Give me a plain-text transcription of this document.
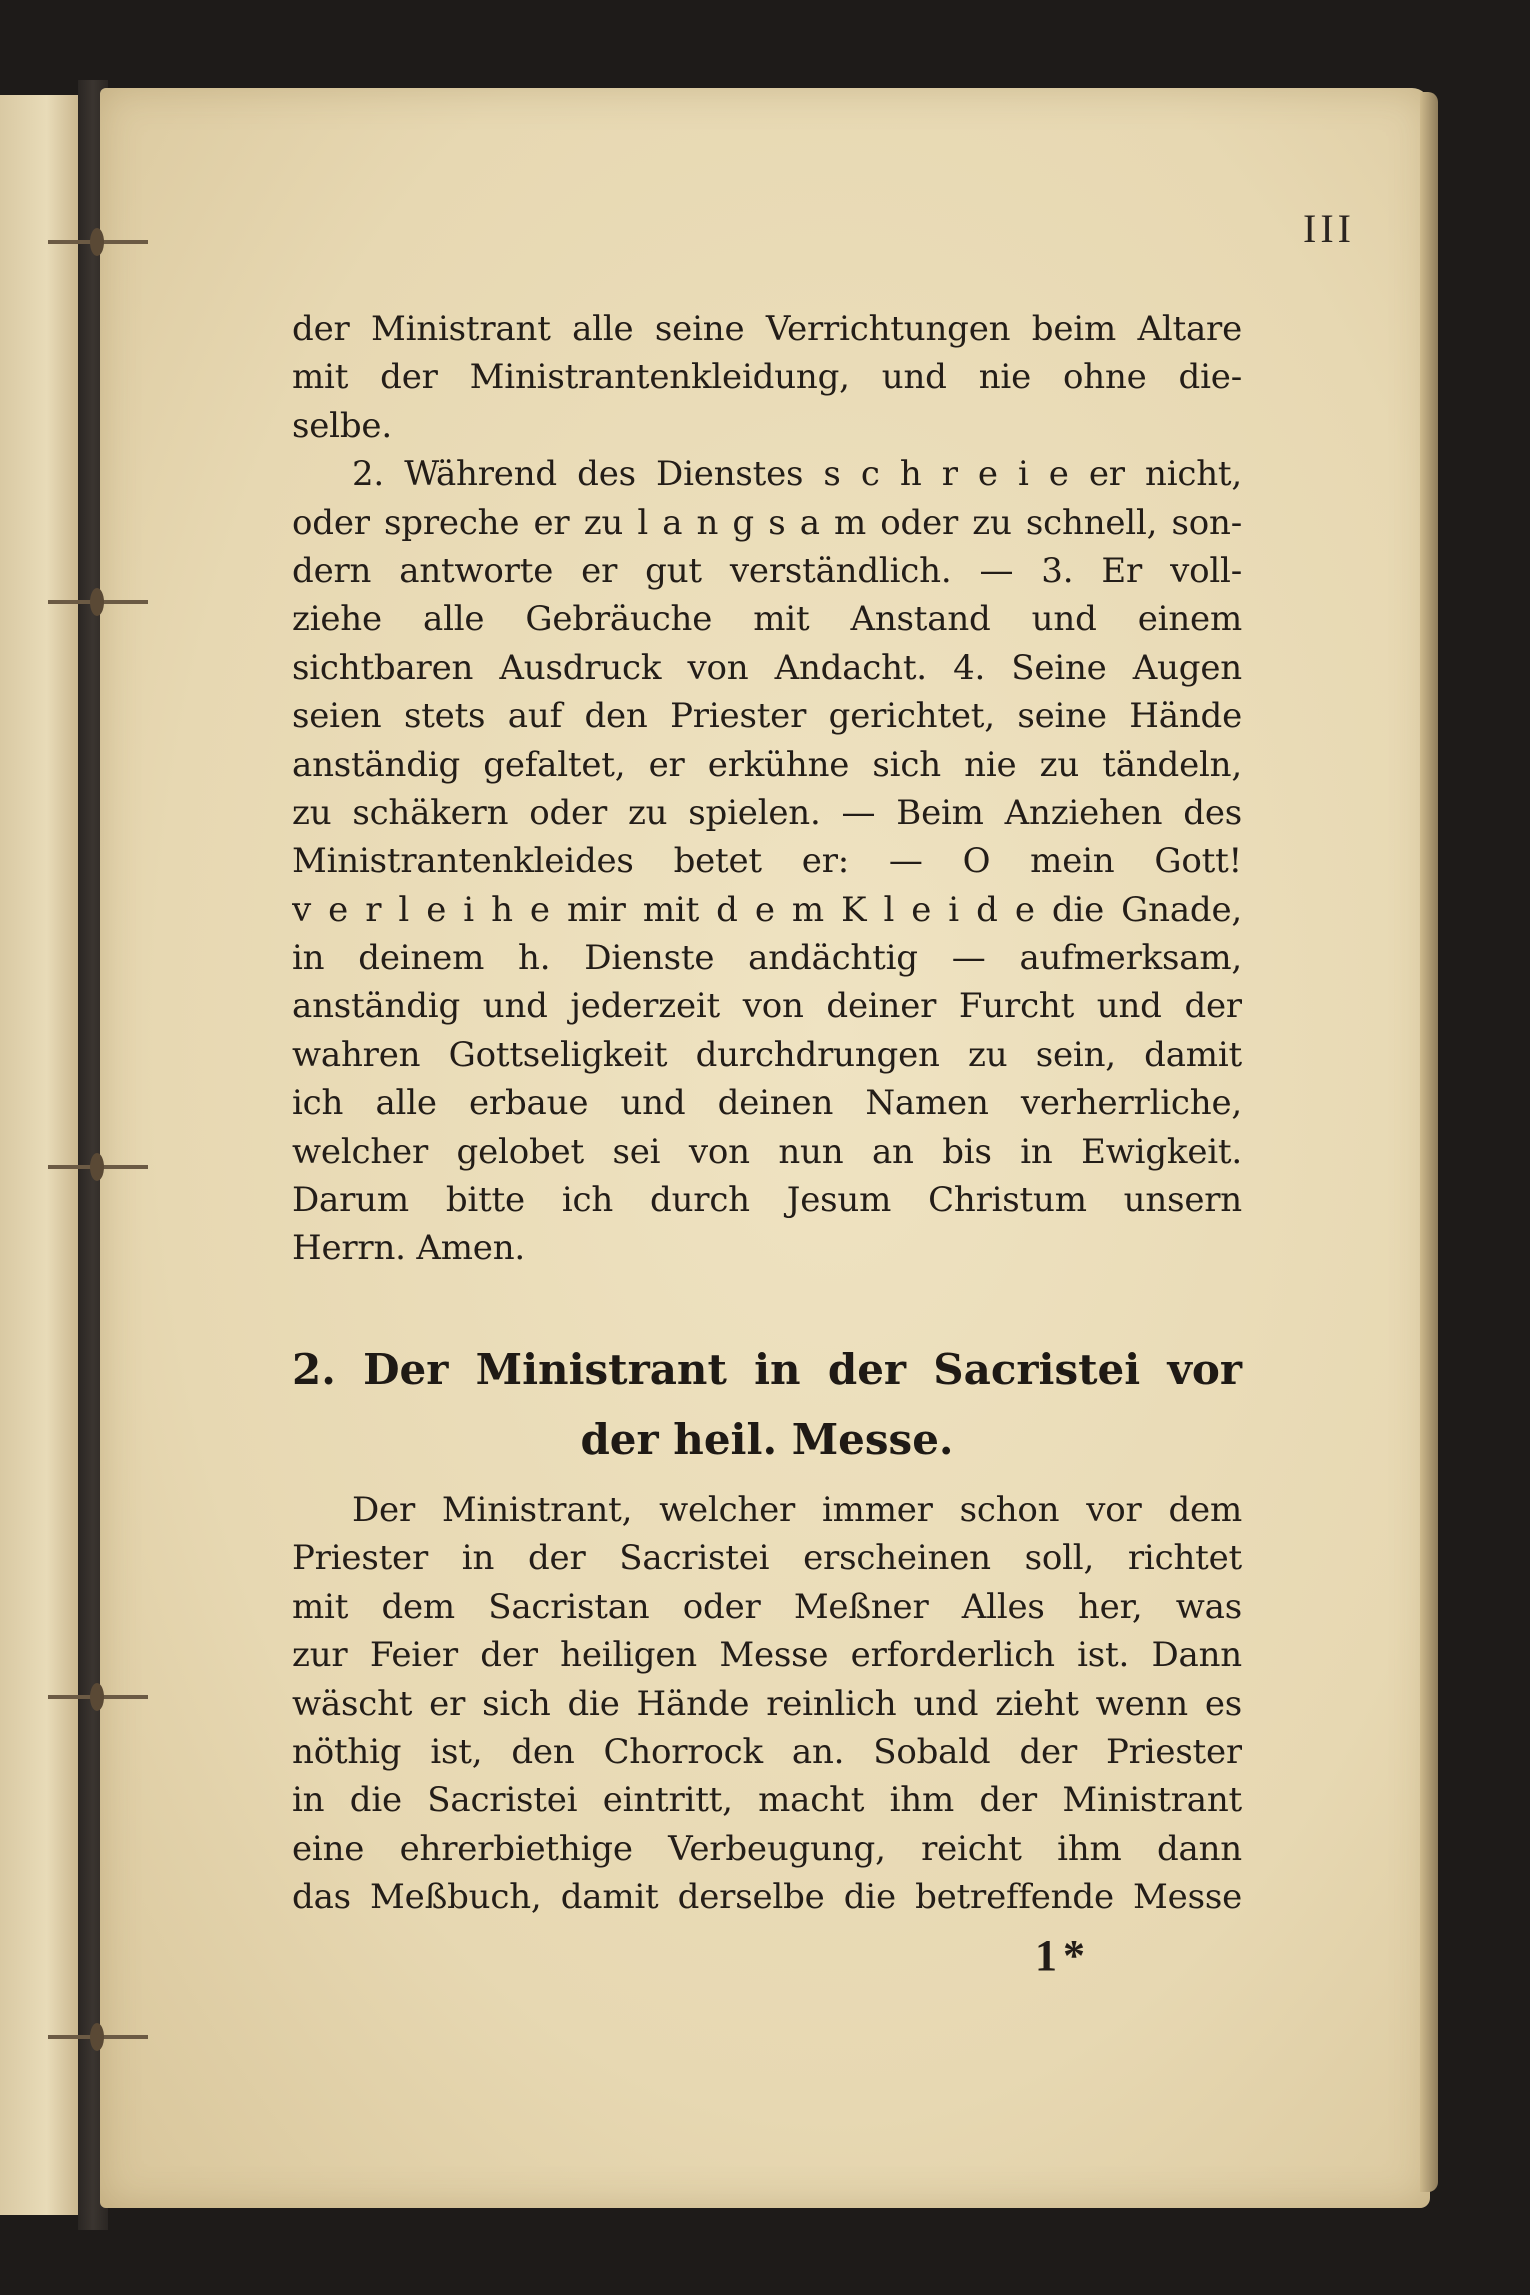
III

der Ministrant alle seine Verrichtungen beim Altare

mit der Ministrantenkleidung, und nie ohne die-

selbe.

2. Während des Dienstes s c h r e i e er nicht,

oder spreche er zu l a n g s a m oder zu schnell, son-

dern antworte er gut verständlich. — 3. Er voll-

ziehe alle Gebräuche mit Anstand und einem

sichtbaren Ausdruck von Andacht. 4. Seine Augen

seien stets auf den Priester gerichtet, seine Hände

anständig gefaltet, er erkühne sich nie zu tändeln,

zu schäkern oder zu spielen. — Beim Anziehen des

Ministrantenkleides betet er: — O mein Gott!

v e r l e i h e mir mit d e m K l e i d e die Gnade,

in deinem h. Dienste andächtig — aufmerksam,

anständig und jederzeit von deiner Furcht und der

wahren Gottseligkeit durchdrungen zu sein, damit

ich alle erbaue und deinen Namen verherrliche,

welcher gelobet sei von nun an bis in Ewigkeit.

Darum bitte ich durch Jesum Christum unsern

Herrn. Amen.

2. Der Ministrant in der Sacristei vor

der heil. Messe.

Der Ministrant, welcher immer schon vor dem

Priester in der Sacristei erscheinen soll, richtet

mit dem Sacristan oder Meßner Alles her, was

zur Feier der heiligen Messe erforderlich ist. Dann

wäscht er sich die Hände reinlich und zieht wenn es

nöthig ist, den Chorrock an. Sobald der Priester

in die Sacristei eintritt, macht ihm der Ministrant

eine ehrerbiethige Verbeugung, reicht ihm dann

das Meßbuch, damit derselbe die betreffende Messe

1*
